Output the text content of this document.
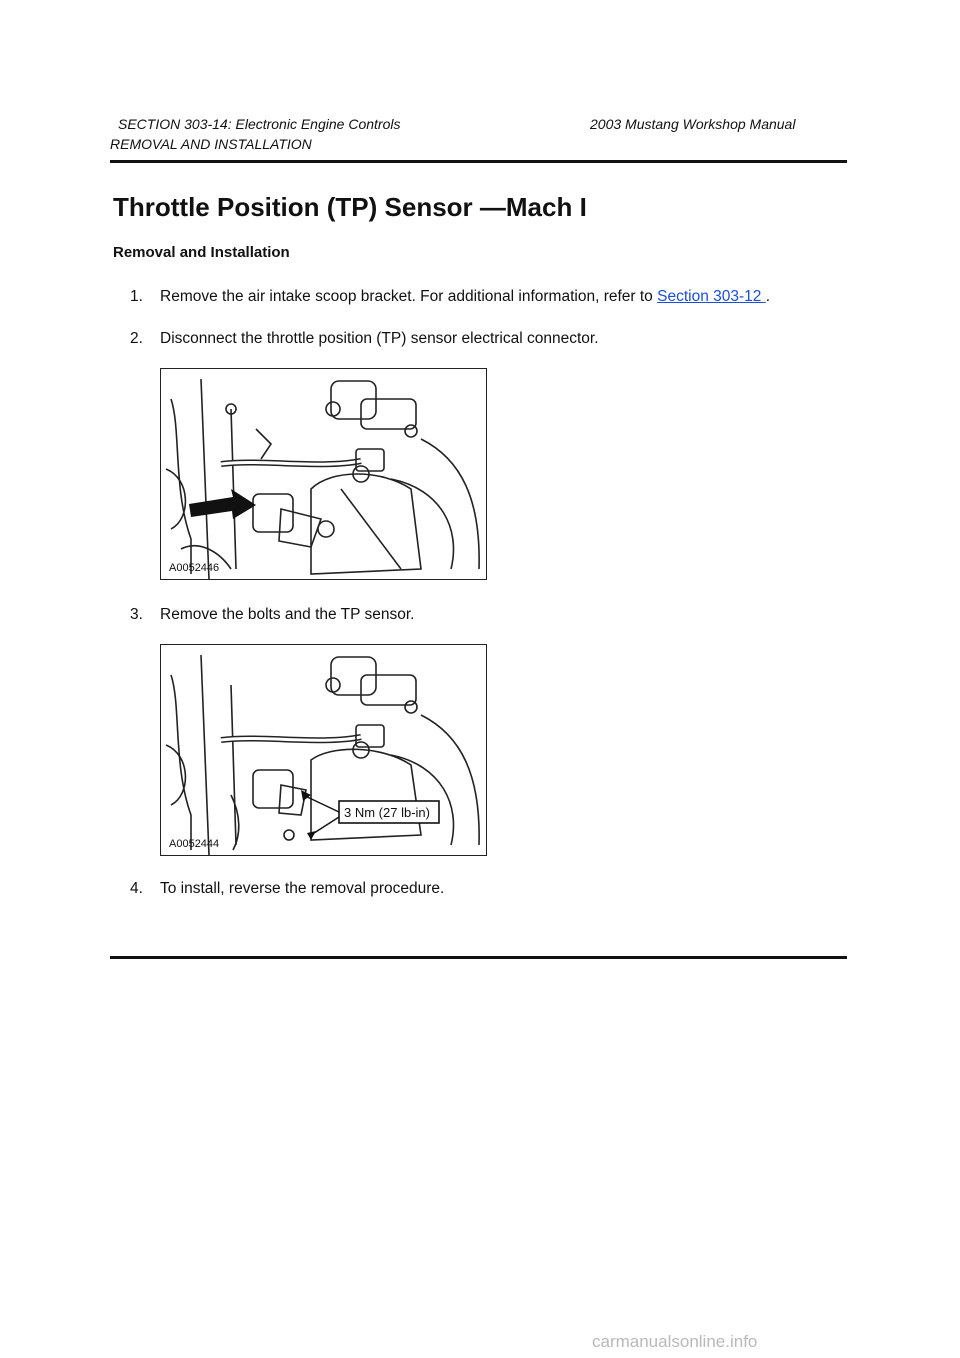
SECTION 303-14: Electronic Engine Controls	2003 Mustang Workshop Manual
REMOVAL AND INSTALLATION
Throttle Position (TP) Sensor —Mach I
Removal and Installation
1. Remove the air intake scoop bracket. For additional information, refer to Section 303-12 .
2. Disconnect the throttle position (TP) sensor electrical connector.
A0052446
3. Remove the bolts and the TP sensor.
3 Nm (27 lb-in)
A0052444
4. To install, reverse the removal procedure.
carmanualsonline.info
